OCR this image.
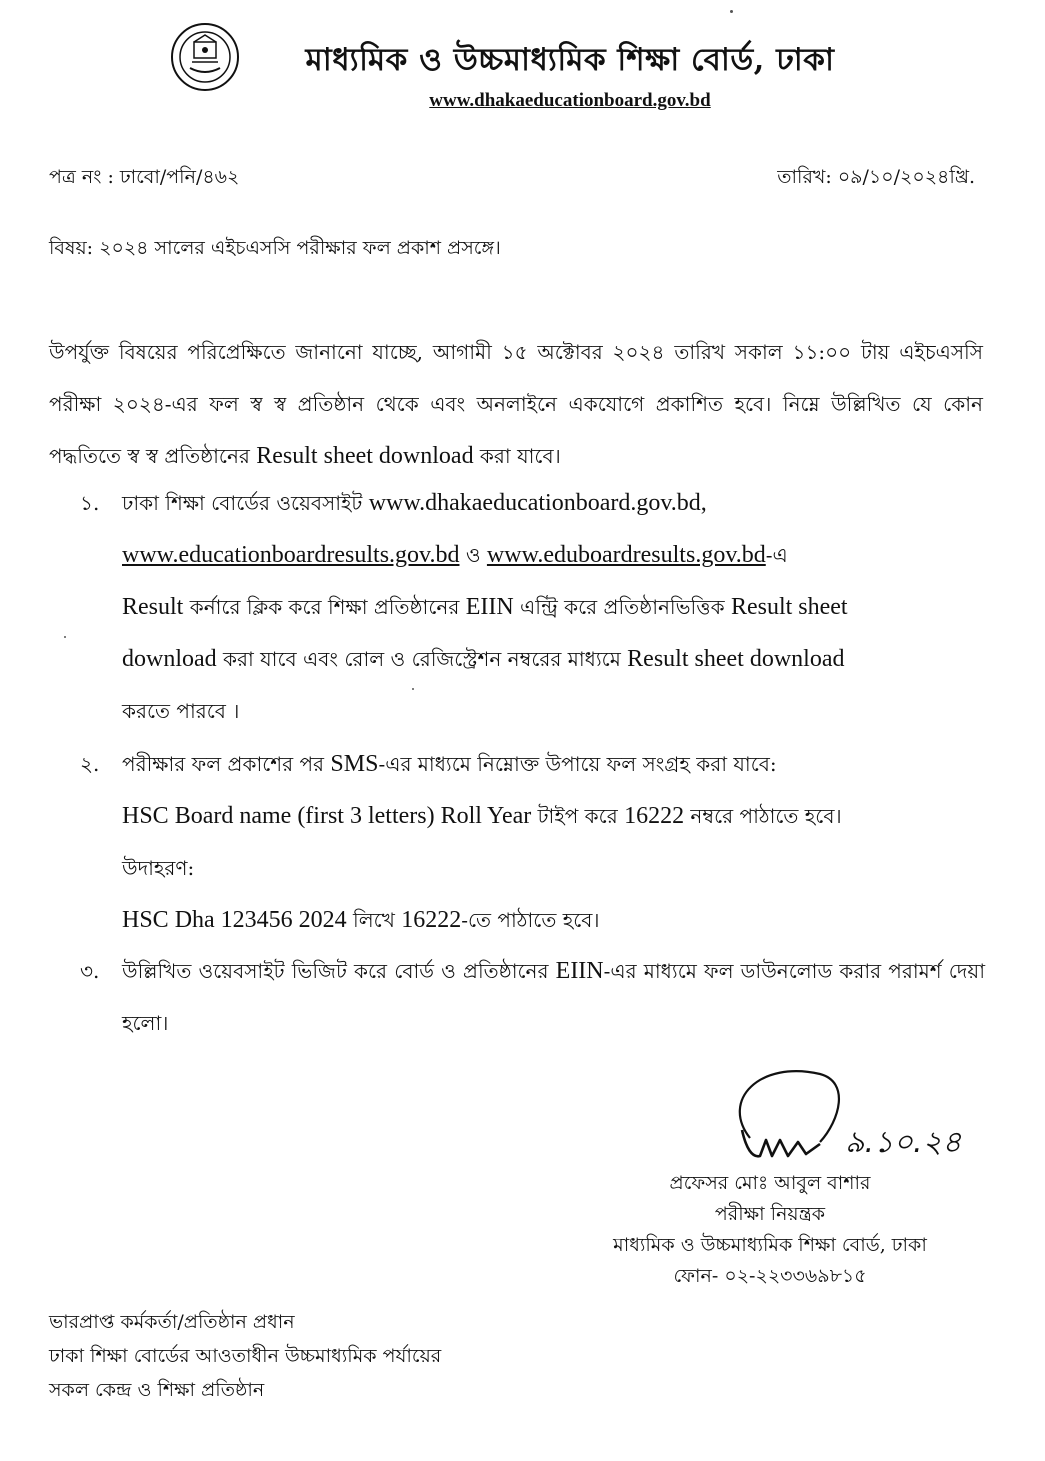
মাধ্যমিক ও উচ্চমাধ্যমিক শিক্ষা বোর্ড, ঢাকা
www.dhakaeducationboard.gov.bd
পত্র নং : ঢাবো/পনি/৪৬২	তারিখ: ০৯/১০/২০২৪খ্রি.
বিষয়: ২০২৪ সালের এইচএসসি পরীক্ষার ফল প্রকাশ প্রসঙ্গে।
উপর্যুক্ত বিষয়ের পরিপ্রেক্ষিতে জানানো যাচ্ছে, আগামী ১৫ অক্টোবর ২০২৪ তারিখ সকাল ১১:০০ টায় এইচএসসি পরীক্ষা ২০২৪-এর ফল স্ব স্ব প্রতিষ্ঠান থেকে এবং অনলাইনে একযোগে প্রকাশিত হবে। নিম্নে উল্লিখিত যে কোন পদ্ধতিতে স্ব স্ব প্রতিষ্ঠানের Result sheet download করা যাবে।
১.	ঢাকা শিক্ষা বোর্ডের ওয়েবসাইট www.dhakaeducationboard.gov.bd,
www.educationboardresults.gov.bd ও www.eduboardresults.gov.bd-এ
Result কর্নারে ক্লিক করে শিক্ষা প্রতিষ্ঠানের EIIN এন্ট্রি করে প্রতিষ্ঠানভিত্তিক Result sheet
download করা যাবে এবং রোল ও রেজিস্ট্রেশন নম্বরের মাধ্যমে Result sheet download
করতে পারবে ।
২.	পরীক্ষার ফল প্রকাশের পর SMS-এর মাধ্যমে নিম্নোক্ত উপায়ে ফল সংগ্রহ করা যাবে:
HSC Board name (first 3 letters) Roll Year টাইপ করে 16222 নম্বরে পাঠাতে হবে।
উদাহরণ:
HSC Dha 123456 2024 লিখে 16222-তে পাঠাতে হবে।
৩.	উল্লিখিত ওয়েবসাইট ভিজিট করে বোর্ড ও প্রতিষ্ঠানের EIIN-এর মাধ্যমে ফল ডাউনলোড করার পরামর্শ দেয়া হলো।
৯.১০.২৪
প্রফেসর মোঃ আবুল বাশার
পরীক্ষা নিয়ন্ত্রক
মাধ্যমিক ও উচ্চমাধ্যমিক শিক্ষা বোর্ড, ঢাকা
ফোন- ০২-২২৩৩৬৯৮১৫
ভারপ্রাপ্ত কর্মকর্তা/প্রতিষ্ঠান প্রধান
ঢাকা শিক্ষা বোর্ডের আওতাধীন উচ্চমাধ্যমিক পর্যায়ের
সকল কেন্দ্র ও শিক্ষা প্রতিষ্ঠান
